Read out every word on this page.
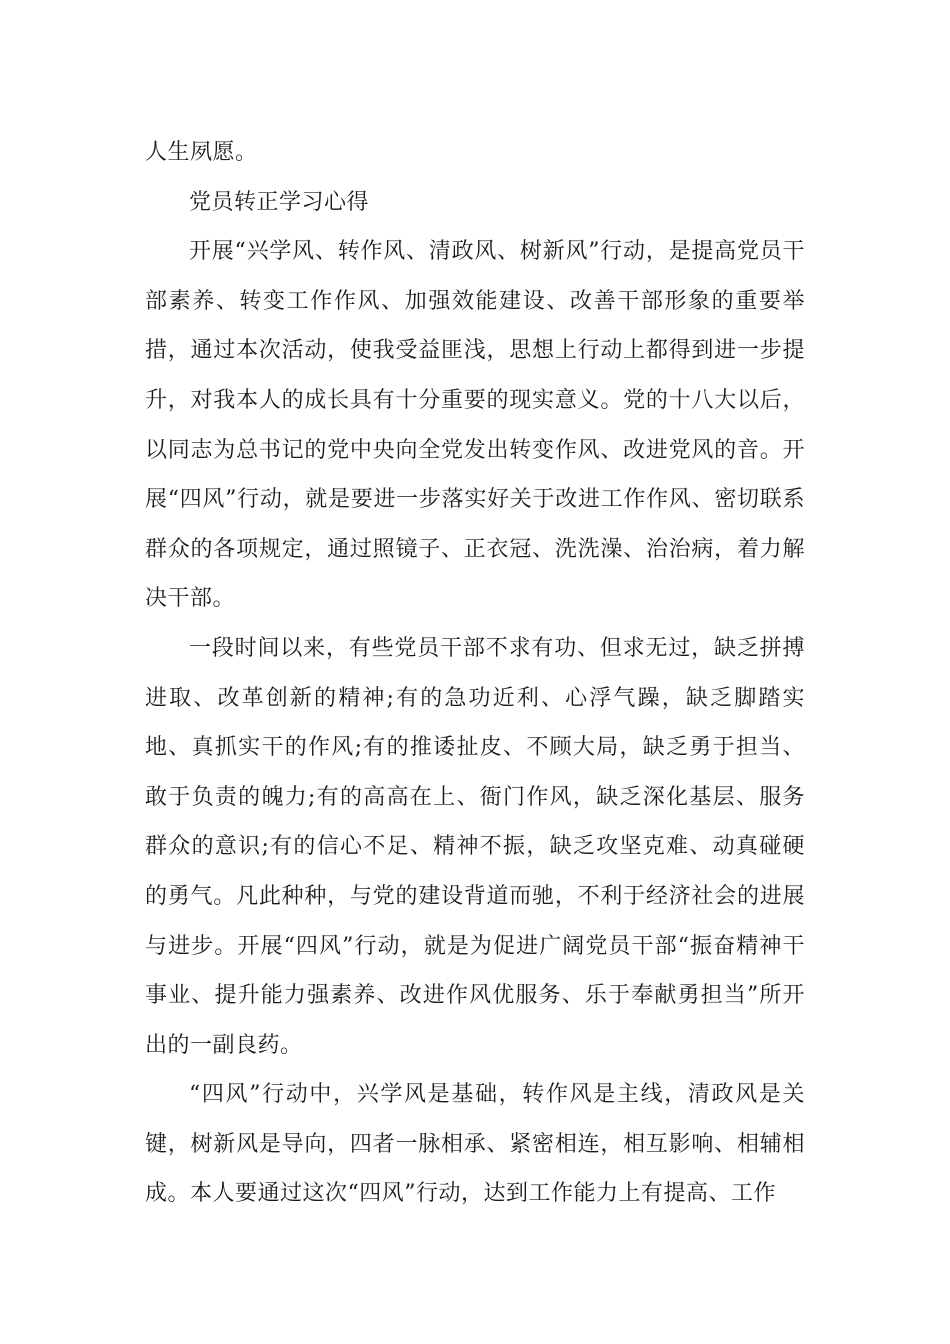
人生夙愿。

党员转正学习心得

开展“兴学风、转作风、清政风、树新风”行动，是提高党员干部素养、转变工作作风、加强效能建设、改善干部形象的重要举措，通过本次活动，使我受益匪浅，思想上行动上都得到进一步提升，对我本人的成长具有十分重要的现实意义。党的十八大以后，以同志为总书记的党中央向全党发出转变作风、改进党风的音。开展“四风”行动，就是要进一步落实好关于改进工作作风、密切联系群众的各项规定，通过照镜子、正衣冠、洗洗澡、治治病，着力解决干部。

一段时间以来，有些党员干部不求有功、但求无过，缺乏拼搏进取、改革创新的精神;有的急功近利、心浮气躁，缺乏脚踏实地、真抓实干的作风;有的推诿扯皮、不顾大局，缺乏勇于担当、敢于负责的魄力;有的高高在上、衙门作风，缺乏深化基层、服务群众的意识;有的信心不足、精神不振，缺乏攻坚克难、动真碰硬的勇气。凡此种种，与党的建设背道而驰，不利于经济社会的进展与进步。开展“四风”行动，就是为促进广阔党员干部“振奋精神干事业、提升能力强素养、改进作风优服务、乐于奉献勇担当”所开出的一副良药。

“四风”行动中，兴学风是基础，转作风是主线，清政风是关键，树新风是导向，四者一脉相承、紧密相连，相互影响、相辅相成。本人要通过这次“四风”行动，达到工作能力上有提高、工作
